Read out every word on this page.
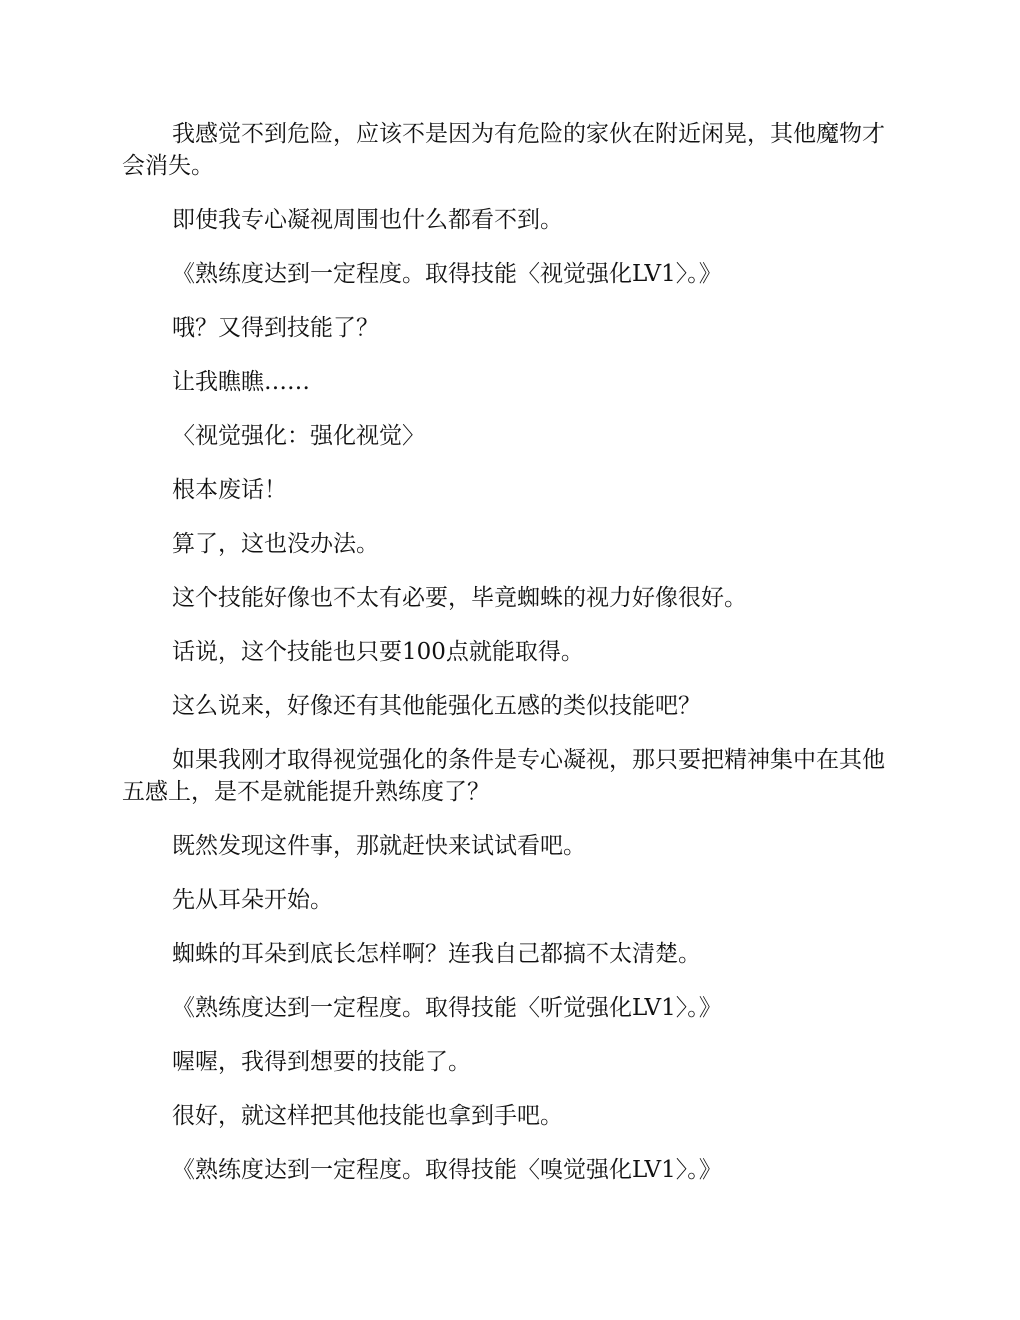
我感觉不到危险，应该不是因为有危险的家伙在附近闲晃，其他魔物才会消失。

即使我专心凝视周围也什么都看不到。

《熟练度达到一定程度。取得技能〈视觉强化LV1〉。》

哦？又得到技能了？

让我瞧瞧……

〈视觉强化：强化视觉〉

根本废话！

算了，这也没办法。

这个技能好像也不太有必要，毕竟蜘蛛的视力好像很好。

话说，这个技能也只要100点就能取得。

这么说来，好像还有其他能强化五感的类似技能吧？

如果我刚才取得视觉强化的条件是专心凝视，那只要把精神集中在其他五感上，是不是就能提升熟练度了？

既然发现这件事，那就赶快来试试看吧。

先从耳朵开始。

蜘蛛的耳朵到底长怎样啊？连我自己都搞不太清楚。

《熟练度达到一定程度。取得技能〈听觉强化LV1〉。》

喔喔，我得到想要的技能了。

很好，就这样把其他技能也拿到手吧。

《熟练度达到一定程度。取得技能〈嗅觉强化LV1〉。》
